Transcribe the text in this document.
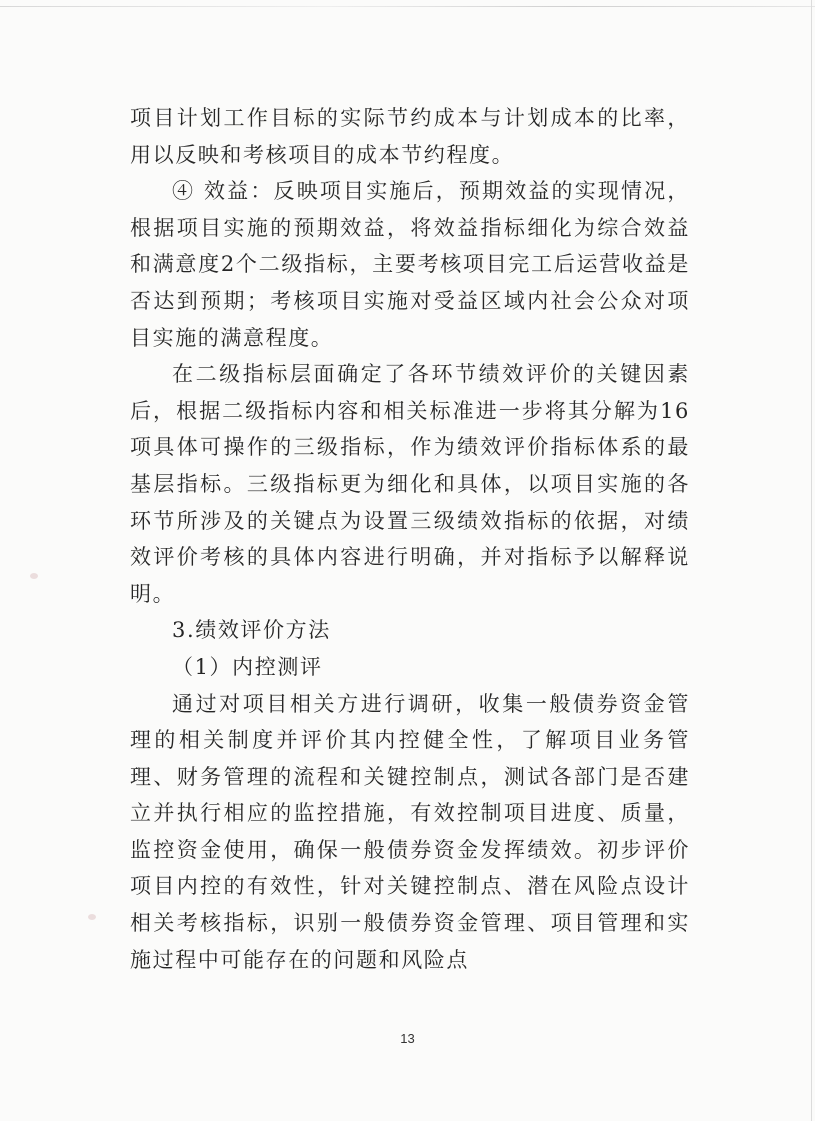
项目计划工作目标的实际节约成本与计划成本的比率，用以反映和考核项目的成本节约程度。

④ 效益：反映项目实施后，预期效益的实现情况，根据项目实施的预期效益，将效益指标细化为综合效益和满意度2个二级指标，主要考核项目完工后运营收益是否达到预期；考核项目实施对受益区域内社会公众对项目实施的满意程度。

在二级指标层面确定了各环节绩效评价的关键因素后，根据二级指标内容和相关标准进一步将其分解为16项具体可操作的三级指标，作为绩效评价指标体系的最基层指标。三级指标更为细化和具体，以项目实施的各环节所涉及的关键点为设置三级绩效指标的依据，对绩效评价考核的具体内容进行明确，并对指标予以解释说明。

3.绩效评价方法

（1）内控测评

通过对项目相关方进行调研，收集一般债券资金管理的相关制度并评价其内控健全性，了解项目业务管理、财务管理的流程和关键控制点，测试各部门是否建立并执行相应的监控措施，有效控制项目进度、质量，监控资金使用，确保一般债券资金发挥绩效。初步评价项目内控的有效性，针对关键控制点、潜在风险点设计相关考核指标，识别一般债券资金管理、项目管理和实施过程中可能存在的问题和风险点

13
